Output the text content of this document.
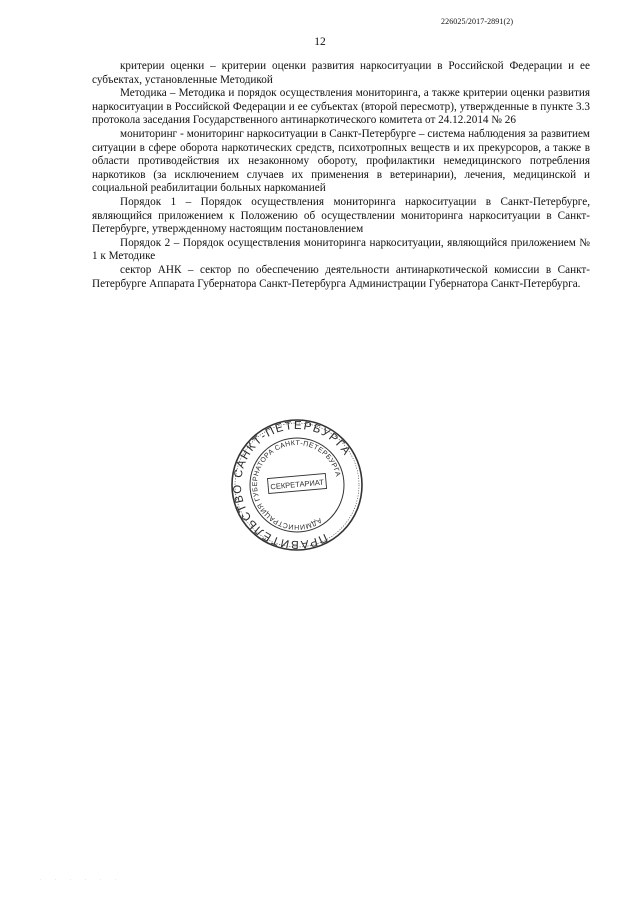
226025/2017-2891(2)
12

критерии оценки – критерии оценки развития наркоситуации в Российской Федерации и ее субъектах, установленные Методикой

Методика – Методика и порядок осуществления мониторинга, а также критерии оценки развития наркоситуации в Российской Федерации и ее субъектах (второй пересмотр), утвержденные в пункте 3.3 протокола заседания Государственного антинаркотического комитета от 24.12.2014 № 26

мониторинг - мониторинг наркоситуации в Санкт-Петербурге – система наблюдения за развитием ситуации в сфере оборота наркотических средств, психотропных веществ и их прекурсоров, а также в области противодействия их незаконному обороту, профилактики немедицинского потребления наркотиков (за исключением случаев их применения в ветеринарии), лечения, медицинской и социальной реабилитации больных наркоманией

Порядок 1 – Порядок осуществления мониторинга наркоситуации в Санкт-Петербурге, являющийся приложением к Положению об осуществлении мониторинга наркоситуации в Санкт-Петербурге, утвержденному настоящим постановлением

Порядок 2 – Порядок осуществления мониторинга наркоситуации, являющийся приложением № 1 к Методике

сектор АНК – сектор по обеспечению деятельности антинаркотической комиссии в Санкт-Петербурге Аппарата Губернатора Санкт-Петербурга Администрации Губернатора Санкт-Петербурга.

ПРАВИТЕЛЬСТВО САНКТ-ПЕТЕРБУРГА
АДМИНИСТРАЦИЯ ГУБЕРНАТОРА САНКТ-ПЕТЕРБУРГА
СЕКРЕТАРИАТ
· · · · · ·
